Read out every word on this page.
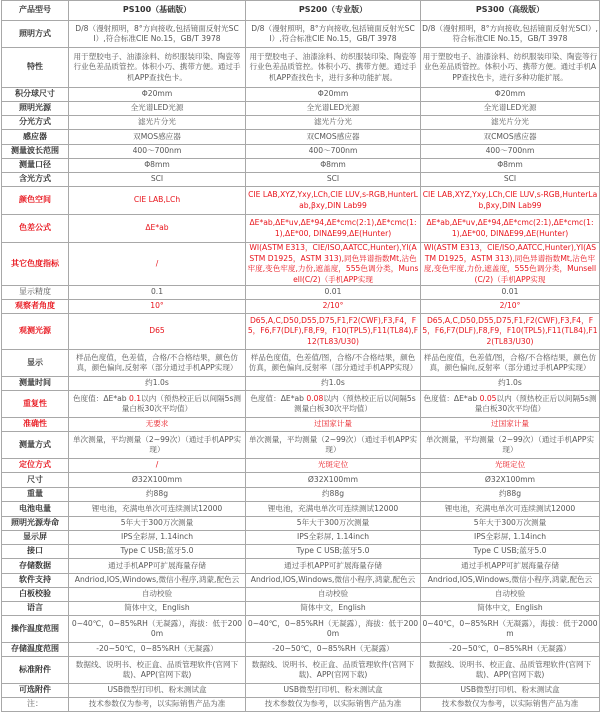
产品型号	PS100（基础版）	PS200（专业版）	PS300（高级版）
照明方式	D/8（漫射照明，8°方向接收,包括镜面反射光SCI）,符合标准CIE No.15，GB/T 3978	D/8（漫射照明，8°方向接收,包括镜面反射光SCI）,符合标准CIE No.15，GB/T 3978	D/8（漫射照明，8°方向接收,包括镜面反射光SCI）,符合标准CIE No.15，GB/T 3978
特性	用于塑胶电子、油漆涂料、纺织服装印染、陶瓷等行业色差品质管控。体积小巧、携带方便。通过手机APP查找色卡。	用于塑胶电子、油漆涂料、纺织服装印染、陶瓷等行业色差品质管控。体积小巧、携带方便。通过手机APP查找色卡，进行多种功能扩展。	用于塑胶电子、油漆涂料、纺织服装印染、陶瓷等行业色差品质管控。体积小巧、携带方便。通过手机APP查找色卡，进行多种功能扩展。
积分球尺寸	Φ20mm	Φ20mm	Φ20mm
照明光源	全光谱LED光源	全光谱LED光源	全光谱LED光源
分光方式	滤光片分光	滤光片分光	滤光片分光
感应器	双MOS感应器	双CMOS感应器	双CMOS感应器
测量波长范围	400～700nm	400～700nm	400～700nm
测量口径	Φ8mm	Φ8mm	Φ8mm
含光方式	SCI	SCI	SCI
颜色空间	CIE LAB,LCh	CIE LAB,XYZ,Yxy,LCh,CIE LUV,s-RGB,HunterLab,βxy,DIN Lab99	CIE LAB,XYZ,Yxy,LCh,CIE LUV,s-RGB,HunterLab,βxy,DIN Lab99
色差公式	ΔE*ab	ΔE*ab,ΔE*uv,ΔE*94,ΔE*cmc(2:1),ΔE*cmc(1:1),ΔE*00, DINΔE99,ΔE(Hunter)	ΔE*ab,ΔE*uv,ΔE*94,ΔE*cmc(2:1),ΔE*cmc(1:1),ΔE*00, DINΔE99,ΔE(Hunter)
其它色度指标	/	WI(ASTM E313，CIE/ISO,AATCC,Hunter),YI(ASTM D1925，ASTM 313),同色异谱指数Mt,沾色牢度,变色牢度,力份,遮盖度，555色调分类，Munsell(C/2)（手机APP实现	WI(ASTM E313，CIE/ISO,AATCC,Hunter),YI(ASTM D1925，ASTM 313),同色异谱指数Mt,沾色牢度,变色牢度,力份,遮盖度，555色调分类，Munsell(C/2)（手机APP实现
显示精度	0.1	0.01	0.01
观察者角度	10°	2/10°	2/10°
观测光源	D65	D65,A,C,D50,D55,D75,F1,F2(CWF),F3,F4，F5，F6,F7(DLF),F8,F9，F10(TPL5),F11(TL84),F12(TL83/U30)	D65,A,C,D50,D55,D75,F1,F2(CWF),F3,F4，F5，F6,F7(DLF),F8,F9，F10(TPL5),F11(TL84),F12(TL83/U30)
显示	样品色度值，色差值，合格/不合格结果，颜色仿真，颜色偏向,反射率（部分通过手机APP实现）	样品色度值，色差值/图，合格/不合格结果，颜色仿真，颜色偏向,反射率（部分通过手机APP实现）	样品色度值，色差值/图，合格/不合格结果，颜色仿真，颜色偏向,反射率（部分通过手机APP实现）
测量时间	约1.0s	约1.0s	约1.0s
重复性	色度值：ΔE*ab 0.1以内（预热校正后以间隔5s测量白板30次平均值）	色度值：ΔE*ab 0.08以内（预热校正后以间隔5s测量白板30次平均值）	色度值：ΔE*ab 0.05以内（预热校正后以间隔5s测量白板30次平均值）
准确性	无要求	过国家计量	过国家计量
测量方式	单次测量，平均测量（2~99次）（通过手机APP实现）	单次测量，平均测量（2~99次）（通过手机APP实现）	单次测量，平均测量（2~99次）（通过手机APP实现）
定位方式	/	光斑定位	光斑定位
尺寸	Ø32X100mm	Ø32X100mm	Ø32X100mm
重量	约88g	约88g	约88g
电池电量	锂电池，充满电单次可连续测试12000	锂电池，充满电单次可连续测试12000	锂电池，充满电单次可连续测试12000
照明光源寿命	5年大于300万次测量	5年大于300万次测量	5年大于300万次测量
显示屏	IPS全彩屏, 1.14inch	IPS全彩屏, 1.14inch	IPS全彩屏, 1.14inch
接口	Type C USB;蓝牙5.0	Type C USB;蓝牙5.0	Type C USB;蓝牙5.0
存储数据	通过手机APP可扩展海量存储	通过手机APP可扩展海量存储	通过手机APP可扩展海量存储
软件支持	Andriod,IOS,Windows,微信小程序,鸿蒙,配色云	Andriod,IOS,Windows,微信小程序,鸿蒙,配色云	Andriod,IOS,Windows,微信小程序,鸿蒙,配色云
白板校验	自动校验	自动校验	自动校验
语言	简体中文，English	简体中文，English	简体中文，English
操作温度范围	0~40℃，0~85%RH（无凝露），海拔：低于2000m	0~40℃，0~85%RH（无凝露），海拔：低于2000m	0~40℃，0~85%RH（无凝露），海拔：低于2000m
存储温度范围	-20~50℃，0~85%RH（无凝露）	-20~50℃，0~85%RH（无凝露）	-20~50℃，0~85%RH（无凝露）
标准附件	数据线、说明书、校正盒、品质管理软件(官网下载)、APP(官网下载)	数据线、说明书、校正盒、品质管理软件(官网下载)、APP(官网下载)	数据线、说明书、校正盒、品质管理软件(官网下载)、APP(官网下载)
可选附件	USB微型打印机、粉末测试盒	USB微型打印机、粉末测试盒	USB微型打印机、粉末测试盒
注：	技术参数仅为参考，以实际销售产品为准	技术参数仅为参考，以实际销售产品为准	技术参数仅为参考，以实际销售产品为准
